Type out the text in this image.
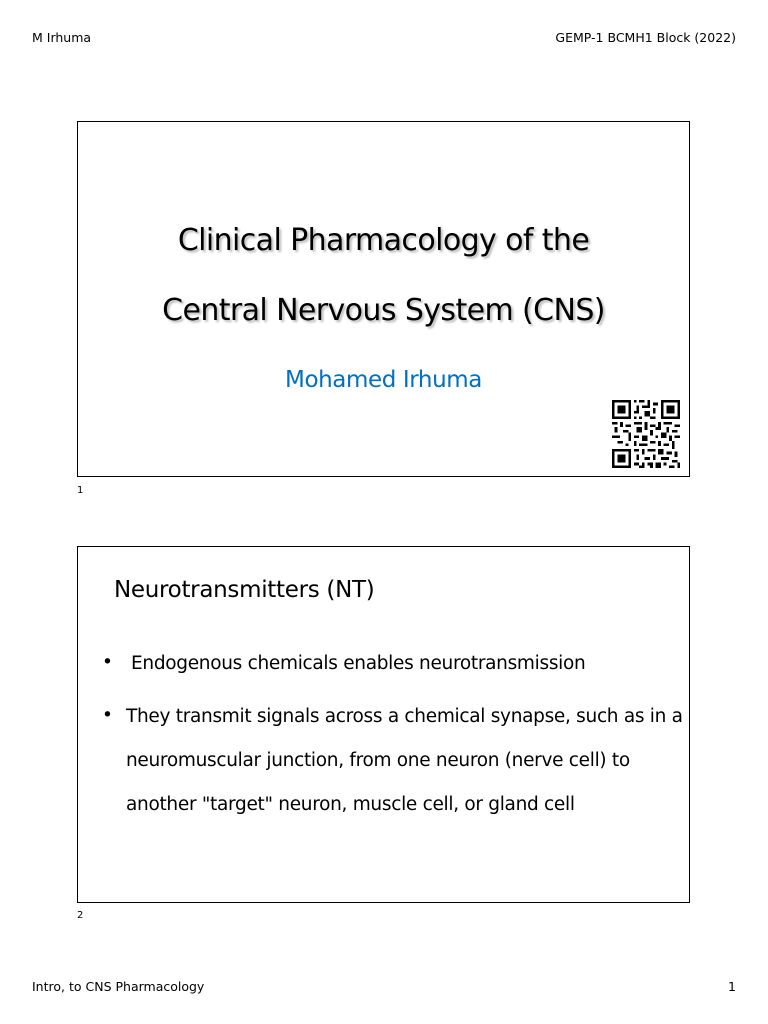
M Irhuma	GEMP-1 BCMH1 Block (2022)
Clinical Pharmacology of the
Central Nervous System (CNS)
Mohamed Irhuma
1
Neurotransmitters (NT)
• Endogenous chemicals enables neurotransmission
• They transmit signals across a chemical synapse, such as in a neuromuscular junction, from one neuron (nerve cell) to another "target" neuron, muscle cell, or gland cell
2
Intro, to CNS Pharmacology	1
